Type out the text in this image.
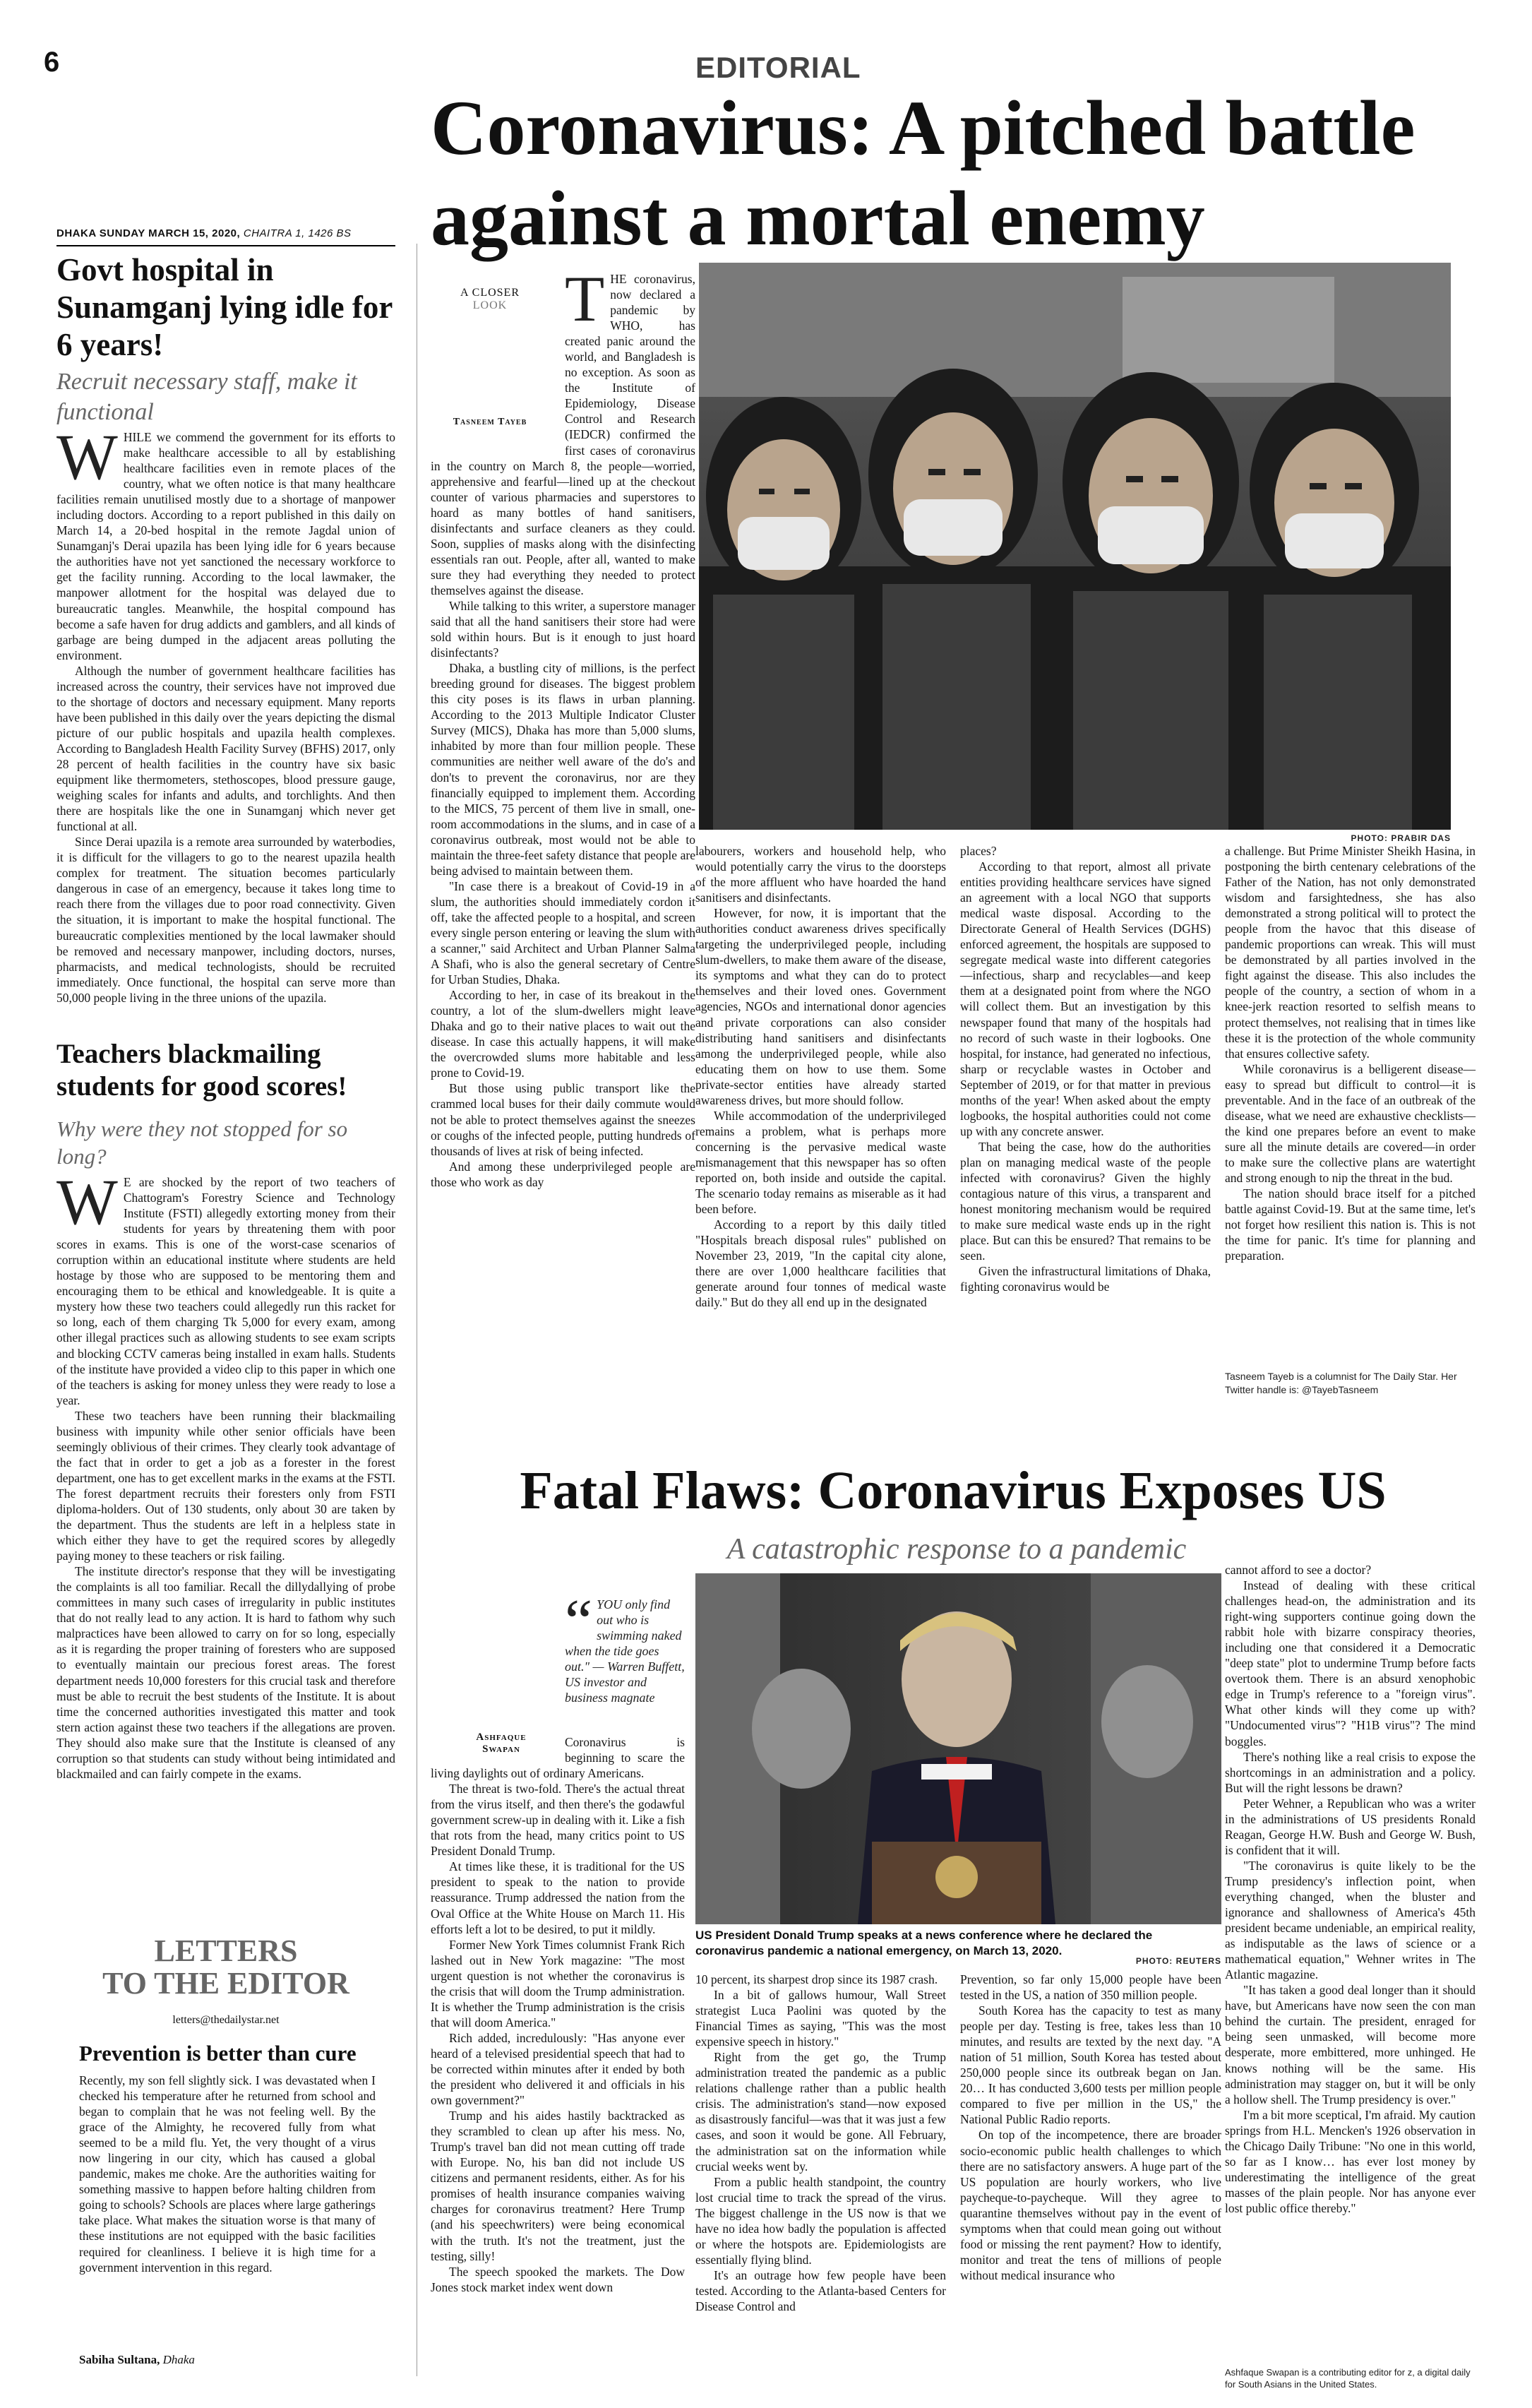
6	EDITORIAL
Coronavirus: A pitched battle against a mortal enemy
DHAKA SUNDAY MARCH 15, 2020, CHAITRA 1, 1426 BS
Govt hospital in Sunamganj lying idle for 6 years!
Recruit necessary staff, make it functional

WHILE we commend the government for its efforts to make healthcare accessible to all by establishing healthcare facilities even in remote places of the country, what we often notice is that many healthcare facilities remain unutilised mostly due to a shortage of manpower including doctors. According to a report published in this daily on March 14, a 20-bed hospital in the remote Jagdal union of Sunamganj's Derai upazila has been lying idle for 6 years because the authorities have not yet sanctioned the necessary workforce to get the facility running. According to the local lawmaker, the manpower allotment for the hospital was delayed due to bureaucratic tangles. Meanwhile, the hospital compound has become a safe haven for drug addicts and gamblers, and all kinds of garbage are being dumped in the adjacent areas polluting the environment.

Although the number of government healthcare facilities has increased across the country, their services have not improved due to the shortage of doctors and necessary equipment. Many reports have been published in this daily over the years depicting the dismal picture of our public hospitals and upazila health complexes. According to Bangladesh Health Facility Survey (BFHS) 2017, only 28 percent of health facilities in the country have six basic equipment like thermometers, stethoscopes, blood pressure gauge, weighing scales for infants and adults, and torchlights. And then there are hospitals like the one in Sunamganj which never get functional at all.

Since Derai upazila is a remote area surrounded by waterbodies, it is difficult for the villagers to go to the nearest upazila health complex for treatment. The situation becomes particularly dangerous in case of an emergency, because it takes long time to reach there from the villages due to poor road connectivity. Given the situation, it is important to make the hospital functional. The bureaucratic complexities mentioned by the local lawmaker should be removed and necessary manpower, including doctors, nurses, pharmacists, and medical technologists, should be recruited immediately. Once functional, the hospital can serve more than 50,000 people living in the three unions of the upazila.

Teachers blackmailing students for good scores!
Why were they not stopped for so long?

W E are shocked by the report of two teachers of Chattogram's Forestry Science and Technology Institute (FSTI) allegedly extorting money from their students for years by threatening them with poor scores in exams. This is one of the worst-case scenarios of corruption within an educational institute where students are held hostage by those who are supposed to be mentoring them and encouraging them to be ethical and knowledgeable. It is quite a mystery how these two teachers could allegedly run this racket for so long, each of them charging Tk 5,000 for every exam, among other illegal practices such as allowing students to see exam scripts and blocking CCTV cameras being installed in exam halls. Students of the institute have provided a video clip to this paper in which one of the teachers is asking for money unless they were ready to lose a year.

These two teachers have been running their blackmailing business with impunity while other senior officials have been seemingly oblivious of their crimes. They clearly took advantage of the fact that in order to get a job as a forester in the forest department, one has to get excellent marks in the exams at the FSTI. The forest department recruits their foresters only from FSTI diploma-holders. Out of 130 students, only about 30 are taken by the department. Thus the students are left in a helpless state in which either they have to get the required scores by allegedly paying money to these teachers or risk failing.

The institute director's response that they will be investigating the complaints is all too familiar. Recall the dillydallying of probe committees in many such cases of irregularity in public institutes that do not really lead to any action. It is hard to fathom why such malpractices have been allowed to carry on for so long, especially as it is regarding the proper training of foresters who are supposed to eventually maintain our precious forest areas. The forest department needs 10,000 foresters for this crucial task and therefore must be able to recruit the best students of the Institute. It is about time the concerned authorities investigated this matter and took stern action against these two teachers if the allegations are proven. They should also make sure that the Institute is cleansed of any corruption so that students can study without being intimidated and blackmailed and can fairly compete in the exams.

LETTERS
TO THE EDITOR
letters@thedailystar.net
Prevention is better than cure

Recently, my son fell slightly sick. I was devastated when I checked his temperature after he returned from school and began to complain that he was not feeling well. By the grace of the Almighty, he recovered fully from what seemed to be a mild flu. Yet, the very thought of a virus now lingering in our city, which has caused a global pandemic, makes me choke. Are the authorities waiting for something massive to happen before halting children from going to schools? Schools are places where large gatherings take place. What makes the situation worse is that many of these institutions are not equipped with the basic facilities required for cleanliness. I believe it is high time for a government intervention in this regard.

Sabiha Sultana, Dhaka
A CLOSER
LOOK
Tasneem Tayeb

THE coronavirus, now declared a pandemic by WHO, has created panic around the world, and Bangladesh is no exception. As soon as the Institute of Epidemiology, Disease Control and Research (IEDCR) confirmed the first cases of coronavirus in the country on March 8, the people—worried, apprehensive and fearful—lined up at the checkout counter of various pharmacies and superstores to hoard as many bottles of hand sanitisers, disinfectants and surface cleaners as they could. Soon, supplies of masks along with the disinfecting essentials ran out. People, after all, wanted to make sure they had everything they needed to protect themselves against the disease.

While talking to this writer, a superstore manager said that all the hand sanitisers their store had were sold within hours. But is it enough to just hoard disinfectants?

Dhaka, a bustling city of millions, is the perfect breeding ground for diseases. The biggest problem this city poses is its flaws in urban planning. According to the 2013 Multiple Indicator Cluster Survey (MICS), Dhaka has more than 5,000 slums, inhabited by more than four million people. These communities are neither well aware of the do's and don'ts to prevent the coronavirus, nor are they financially equipped to implement them. According to the MICS, 75 percent of them live in small, one-room accommodations in the slums, and in case of a coronavirus outbreak, most would not be able to maintain the three-feet safety distance that people are being advised to maintain between them.

"In case there is a breakout of Covid-19 in a slum, the authorities should immediately cordon it off, take the affected people to a hospital, and screen every single person entering or leaving the slum with a scanner," said Architect and Urban Planner Salma A Shafi, who is also the general secretary of Centre for Urban Studies, Dhaka.

According to her, in case of its breakout in the country, a lot of the slum-dwellers might leave Dhaka and go to their native places to wait out the disease. In case this actually happens, it will make the overcrowded slums more habitable and less prone to Covid-19.

But those using public transport like the crammed local buses for their daily commute would not be able to protect themselves against the sneezes or coughs of the infected people, putting hundreds of thousands of lives at risk of being infected.

And among these underprivileged people are those who work as day

PHOTO: PRABIR DAS

labourers, workers and household help, who would potentially carry the virus to the doorsteps of the more affluent who have hoarded the hand sanitisers and disinfectants.

However, for now, it is important that the authorities conduct awareness drives specifically targeting the underprivileged people, including slum-dwellers, to make them aware of the disease, its symptoms and what they can do to protect themselves and their loved ones. Government agencies, NGOs and international donor agencies and private corporations can also consider distributing hand sanitisers and disinfectants among the underprivileged people, while also educating them on how to use them. Some private-sector entities have already started awareness drives, but more should follow.

While accommodation of the underprivileged remains a problem, what is perhaps more concerning is the pervasive medical waste mismanagement that this newspaper has so often reported on, both inside and outside the capital. The scenario today remains as miserable as it had been before.

According to a report by this daily titled "Hospitals breach disposal rules" published on November 23, 2019, "In the capital city alone, there are over 1,000 healthcare facilities that generate around four tonnes of medical waste daily." But do they all end up in the designated

places?

According to that report, almost all private entities providing healthcare services have signed an agreement with a local NGO that supports medical waste disposal. According to the Directorate General of Health Services (DGHS) enforced agreement, the hospitals are supposed to segregate medical waste into different categories—infectious, sharp and recyclables—and keep them at a designated point from where the NGO will collect them. But an investigation by this newspaper found that many of the hospitals had no record of such waste in their logbooks. One hospital, for instance, had generated no infectious, sharp or recyclable wastes in October and September of 2019, or for that matter in previous months of the year! When asked about the empty logbooks, the hospital authorities could not come up with any concrete answer.

That being the case, how do the authorities plan on managing medical waste of the people infected with coronavirus? Given the highly contagious nature of this virus, a transparent and honest monitoring mechanism would be required to make sure medical waste ends up in the right place. But can this be ensured? That remains to be seen.

Given the infrastructural limitations of Dhaka, fighting coronavirus would be

a challenge. But Prime Minister Sheikh Hasina, in postponing the birth centenary celebrations of the Father of the Nation, has not only demonstrated wisdom and farsightedness, she has also demonstrated a strong political will to protect the people from the havoc that this disease of pandemic proportions can wreak. This will must be demonstrated by all parties involved in the fight against the disease. This also includes the people of the country, a section of whom in a knee-jerk reaction resorted to selfish means to protect themselves, not realising that in times like these it is the protection of the whole community that ensures collective safety.

While coronavirus is a belligerent disease—easy to spread but difficult to control—it is preventable. And in the face of an outbreak of the disease, what we need are exhaustive checklists—the kind one prepares before an event to make sure all the minute details are covered—in order to make sure the collective plans are watertight and strong enough to nip the threat in the bud.

The nation should brace itself for a pitched battle against Covid-19. But at the same time, let's not forget how resilient this nation is. This is not the time for panic. It's time for planning and preparation.

Tasneem Tayeb is a columnist for The Daily Star. Her Twitter handle is: @TayebTasneem
Fatal Flaws: Coronavirus Exposes US
A catastrophic response to a pandemic
“ YOU only find out who is swimming naked when the tide goes out." — Warren Buffett, US investor and business magnate
Ashfaque
Swapan	Coronavirus is beginning to scare the living daylights out of ordinary Americans.

The threat is two-fold. There's the actual threat from the virus itself, and then there's the godawful government screw-up in dealing with it. Like a fish that rots from the head, many critics point to US President Donald Trump.

At times like these, it is traditional for the US president to speak to the nation to provide reassurance. Trump addressed the nation from the Oval Office at the White House on March 11. His efforts left a lot to be desired, to put it mildly.

Former New York Times columnist Frank Rich lashed out in New York magazine: "The most urgent question is not whether the coronavirus is the crisis that will doom the Trump administration. It is whether the Trump administration is the crisis that will doom America."

Rich added, incredulously: "Has anyone ever heard of a televised presidential speech that had to be corrected within minutes after it ended by both the president who delivered it and officials in his own government?"

Trump and his aides hastily backtracked as they scrambled to clean up after his mess. No, Trump's travel ban did not mean cutting off trade with Europe. No, his ban did not include US citizens and permanent residents, either. As for his promises of health insurance companies waiving charges for coronavirus treatment? Here Trump (and his speechwriters) were being economical with the truth. It's not the treatment, just the testing, silly!

The speech spooked the markets. The Dow Jones stock market index went down

US President Donald Trump speaks at a news conference where he declared the coronavirus pandemic a national emergency, on March 13, 2020.
PHOTO: REUTERS

10 percent, its sharpest drop since its 1987 crash.

In a bit of gallows humour, Wall Street strategist Luca Paolini was quoted by the Financial Times as saying, "This was the most expensive speech in history."

Right from the get go, the Trump administration treated the pandemic as a public relations challenge rather than a public health crisis. The administration's stand—now exposed as disastrously fanciful—was that it was just a few cases, and soon it would be gone. All February, the administration sat on the information while crucial weeks went by.

From a public health standpoint, the country lost crucial time to track the spread of the virus. The biggest challenge in the US now is that we have no idea how badly the population is affected or where the hotspots are. Epidemiologists are essentially flying blind.

It's an outrage how few people have been tested. According to the Atlanta-based Centers for Disease Control and

Prevention, so far only 15,000 people have been tested in the US, a nation of 350 million people.

South Korea has the capacity to test as many people per day. Testing is free, takes less than 10 minutes, and results are texted by the next day. "A nation of 51 million, South Korea has tested about 250,000 people since its outbreak began on Jan. 20… It has conducted 3,600 tests per million people compared to five per million in the US," the National Public Radio reports.

On top of the incompetence, there are broader socio-economic public health challenges to which there are no satisfactory answers. A huge part of the US population are hourly workers, who live paycheque-to-paycheque. Will they agree to quarantine themselves without pay in the event of symptoms when that could mean going out without food or missing the rent payment? How to identify, monitor and treat the tens of millions of people without medical insurance who

cannot afford to see a doctor?

Instead of dealing with these critical challenges head-on, the administration and its right-wing supporters continue going down the rabbit hole with bizarre conspiracy theories, including one that considered it a Democratic "deep state" plot to undermine Trump before facts overtook them. There is an absurd xenophobic edge in Trump's reference to a "foreign virus". What other kinds will they come up with? "Undocumented virus"? "H1B virus"? The mind boggles.

There's nothing like a real crisis to expose the shortcomings in an administration and a policy. But will the right lessons be drawn?

Peter Wehner, a Republican who was a writer in the administrations of US presidents Ronald Reagan, George H.W. Bush and George W. Bush, is confident that it will.

"The coronavirus is quite likely to be the Trump presidency's inflection point, when everything changed, when the bluster and ignorance and shallowness of America's 45th president became undeniable, an empirical reality, as indisputable as the laws of science or a mathematical equation," Wehner writes in The Atlantic magazine.

"It has taken a good deal longer than it should have, but Americans have now seen the con man behind the curtain. The president, enraged for being seen unmasked, will become more desperate, more embittered, more unhinged. He knows nothing will be the same. His administration may stagger on, but it will be only a hollow shell. The Trump presidency is over."

I'm a bit more sceptical, I'm afraid. My caution springs from H.L. Mencken's 1926 observation in the Chicago Daily Tribune: "No one in this world, so far as I know… has ever lost money by underestimating the intelligence of the great masses of the plain people. Nor has anyone ever lost public office thereby."

Ashfaque Swapan is a contributing editor for z, a digital daily for South Asians in the United States.
